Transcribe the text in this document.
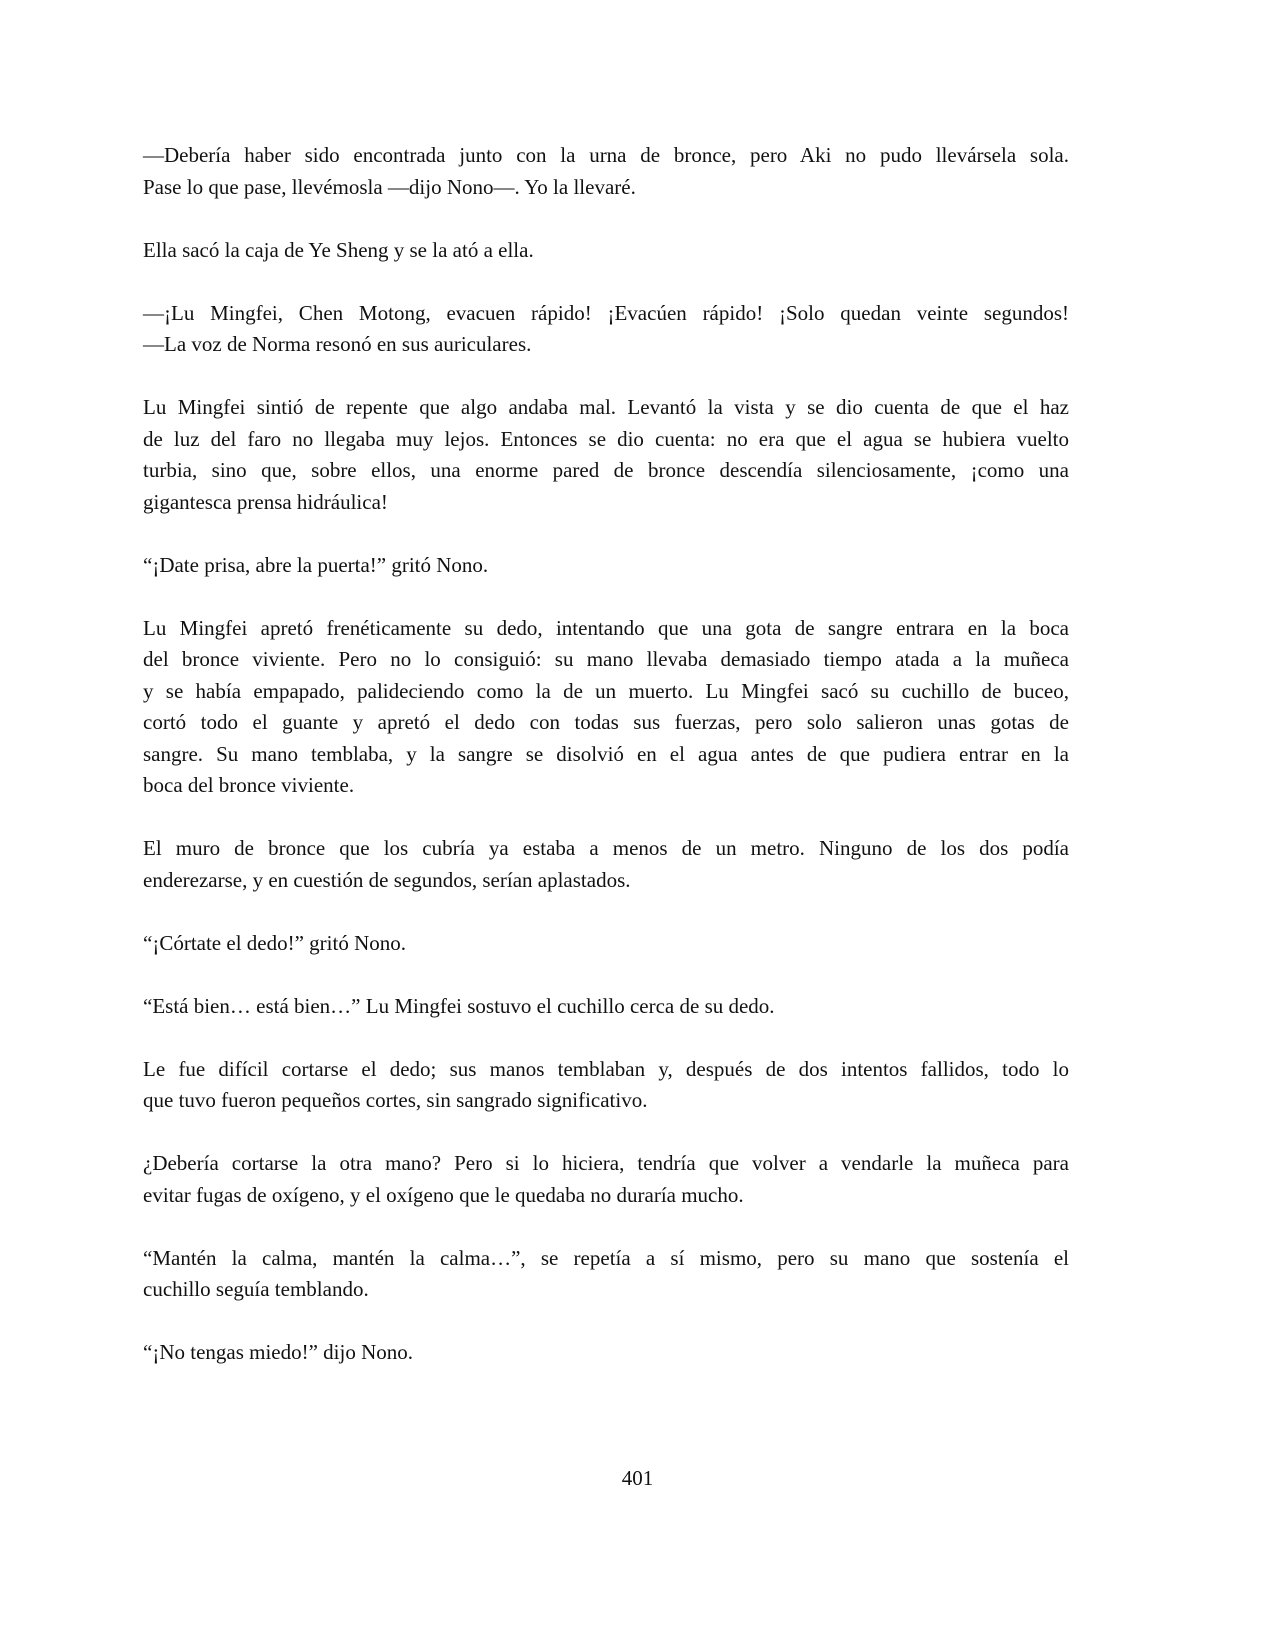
—Debería haber sido encontrada junto con la urna de bronce, pero Aki no pudo llevársela sola.
Pase lo que pase, llevémosla —dijo Nono—. Yo la llevaré.

Ella sacó la caja de Ye Sheng y se la ató a ella.

—¡Lu Mingfei, Chen Motong, evacuen rápido! ¡Evacúen rápido! ¡Solo quedan veinte segundos!
—La voz de Norma resonó en sus auriculares.

Lu Mingfei sintió de repente que algo andaba mal. Levantó la vista y se dio cuenta de que el haz
de luz del faro no llegaba muy lejos. Entonces se dio cuenta: no era que el agua se hubiera vuelto
turbia, sino que, sobre ellos, una enorme pared de bronce descendía silenciosamente, ¡como una
gigantesca prensa hidráulica!

“¡Date prisa, abre la puerta!” gritó Nono.

Lu Mingfei apretó frenéticamente su dedo, intentando que una gota de sangre entrara en la boca
del bronce viviente. Pero no lo consiguió: su mano llevaba demasiado tiempo atada a la muñeca
y se había empapado, palideciendo como la de un muerto. Lu Mingfei sacó su cuchillo de buceo,
cortó todo el guante y apretó el dedo con todas sus fuerzas, pero solo salieron unas gotas de
sangre. Su mano temblaba, y la sangre se disolvió en el agua antes de que pudiera entrar en la
boca del bronce viviente.

El muro de bronce que los cubría ya estaba a menos de un metro. Ninguno de los dos podía
enderezarse, y en cuestión de segundos, serían aplastados.

“¡Córtate el dedo!” gritó Nono.

“Está bien… está bien…” Lu Mingfei sostuvo el cuchillo cerca de su dedo.

Le fue difícil cortarse el dedo; sus manos temblaban y, después de dos intentos fallidos, todo lo
que tuvo fueron pequeños cortes, sin sangrado significativo.

¿Debería cortarse la otra mano? Pero si lo hiciera, tendría que volver a vendarle la muñeca para
evitar fugas de oxígeno, y el oxígeno que le quedaba no duraría mucho.

“Mantén la calma, mantén la calma…”, se repetía a sí mismo, pero su mano que sostenía el
cuchillo seguía temblando.

“¡No tengas miedo!” dijo Nono.

401
